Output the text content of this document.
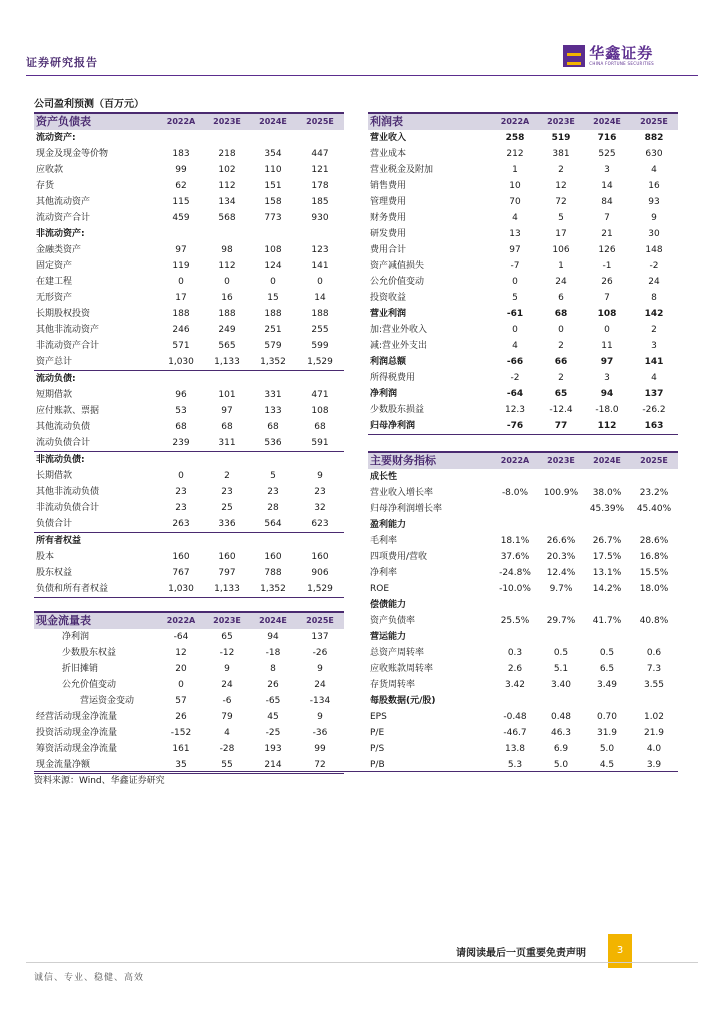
证券研究报告
华鑫证券
CHINA FORTUNE SECURITIES
公司盈利预测（百万元）
资产负债表	2022A	2023E	2024E	2025E
流动资产:				
现金及现金等价物	183	218	354	447
应收款	99	102	110	121
存货	62	112	151	178
其他流动资产	115	134	158	185
流动资产合计	459	568	773	930
非流动资产:				
金融类资产	97	98	108	123
固定资产	119	112	124	141
在建工程	0	0	0	0
无形资产	17	16	15	14
长期股权投资	188	188	188	188
其他非流动资产	246	249	251	255
非流动资产合计	571	565	579	599
资产总计	1,030	1,133	1,352	1,529
流动负债:				
短期借款	96	101	331	471
应付账款、票据	53	97	133	108
其他流动负债	68	68	68	68
流动负债合计	239	311	536	591
非流动负债:				
长期借款	0	2	5	9
其他非流动负债	23	23	23	23
非流动负债合计	23	25	28	32
负债合计	263	336	564	623
所有者权益				
股本	160	160	160	160
股东权益	767	797	788	906
负债和所有者权益	1,030	1,133	1,352	1,529
利润表	2022A	2023E	2024E	2025E
营业收入	258	519	716	882
营业成本	212	381	525	630
营业税金及附加	1	2	3	4
销售费用	10	12	14	16
管理费用	70	72	84	93
财务费用	4	5	7	9
研发费用	13	17	21	30
费用合计	97	106	126	148
资产减值损失	-7	1	-1	-2
公允价值变动	0	24	26	24
投资收益	5	6	7	8
营业利润	-61	68	108	142
加:营业外收入	0	0	0	2
减:营业外支出	4	2	11	3
利润总额	-66	66	97	141
所得税费用	-2	2	3	4
净利润	-64	65	94	137
少数股东损益	12.3	-12.4	-18.0	-26.2
归母净利润	-76	77	112	163
现金流量表	2022A	2023E	2024E	2025E
净利润	-64	65	94	137
少数股东权益	12	-12	-18	-26
折旧摊销	20	9	8	9
公允价值变动	0	24	26	24
营运资金变动	57	-6	-65	-134
经营活动现金净流量	26	79	45	9
投资活动现金净流量	-152	4	-25	-36
筹资活动现金净流量	161	-28	193	99
现金流量净额	35	55	214	72
主要财务指标	2022A	2023E	2024E	2025E
成长性				
营业收入增长率	-8.0%	100.9%	38.0%	23.2%
归母净利润增长率			45.39%	45.40%
盈利能力				
毛利率	18.1%	26.6%	26.7%	28.6%
四项费用/营收	37.6%	20.3%	17.5%	16.8%
净利率	-24.8%	12.4%	13.1%	15.5%
ROE	-10.0%	9.7%	14.2%	18.0%
偿债能力				
资产负债率	25.5%	29.7%	41.7%	40.8%
营运能力				
总资产周转率	0.3	0.5	0.5	0.6
应收账款周转率	2.6	5.1	6.5	7.3
存货周转率	3.42	3.40	3.49	3.55
每股数据(元/股)				
EPS	-0.48	0.48	0.70	1.02
P/E	-46.7	46.3	31.9	21.9
P/S	13.8	6.9	5.0	4.0
P/B	5.3	5.0	4.5	3.9
资料来源：Wind、华鑫证券研究
请阅读最后一页重要免责声明	3
诚信、专业、稳健、高效
